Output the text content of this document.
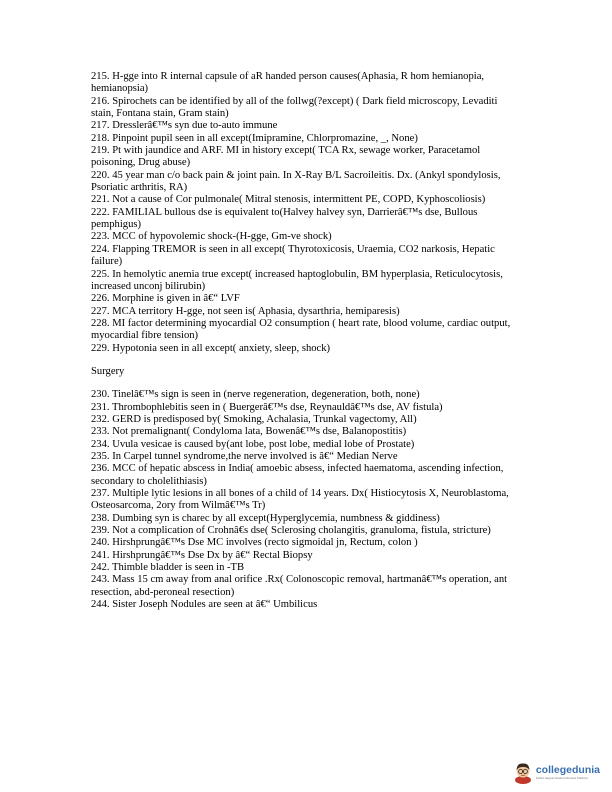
215. H-gge into R internal capsule of aR handed person causes(Aphasia, R hom hemianopia, hemianopsia)

216. Spirochets can be identified by all of the follwg(?except) ( Dark field microscopy, Levaditi stain, Fontana stain, Gram stain)

217. Dresslerâ€™s syn due to-auto immune

218. Pinpoint pupil seen in all except(Imipramine, Chlorpromazine, _, None)

219. Pt with jaundice and ARF. MI in history except( TCA Rx, sewage worker, Paracetamol poisoning, Drug abuse)

220. 45 year man c/o back pain & joint pain. In X-Ray B/L Sacroileitis. Dx. (Ankyl spondylosis, Psoriatic arthritis, RA)

221. Not a cause of Cor pulmonale( Mitral stenosis, intermittent PE, COPD, Kyphoscoliosis)

222. FAMILIAL bullous dse is equivalent to(Halvey halvey syn, Darrierâ€™s dse, Bullous pemphigus)

223. MCC of hypovolemic shock-(H-gge, Gm-ve shock)

224. Flapping TREMOR is seen in all except( Thyrotoxicosis, Uraemia, CO2 narkosis, Hepatic failure)

225. In hemolytic anemia true except( increased haptoglobulin, BM hyperplasia, Reticulocytosis, increased unconj bilirubin)

226. Morphine is given in â€“ LVF

227. MCA territory H-gge, not seen is( Aphasia, dysarthria, hemiparesis)

228. MI factor determining myocardial O2 consumption ( heart rate, blood volume, cardiac output, myocardial fibre tension)

229. Hypotonia seen in all except( anxiety, sleep, shock)

Surgery

230. Tinelâ€™s sign is seen in (nerve regeneration, degeneration, both, none)

231. Thrombophlebitis seen in ( Buergerâ€™s dse, Reynauldâ€™s dse, AV fistula)

232. GERD is predisposed by( Smoking, Achalasia, Trunkal vagectomy, All)

233. Not premalignant( Condyloma lata, Bowenâ€™s dse, Balanopostitis)

234. Uvula vesicae is caused by(ant lobe, post lobe, medial lobe of Prostate)

235. In Carpel tunnel syndrome,the nerve involved is â€“ Median Nerve

236. MCC of hepatic abscess in India( amoebic absess, infected haematoma, ascending infection, secondary to cholelithiasis)

237. Multiple lytic lesions in all bones of a child of 14 years. Dx( Histiocytosis X, Neuroblastoma, Osteosarcoma, 2ory from Wilmâ€™s Tr)

238. Dumbing syn is charec by all except(Hyperglycemia, numbness & giddiness)

239. Not a complication of Crohnâ€s dse( Sclerosing cholangitis, granuloma, fistula, stricture)

240. Hirshprungâ€™s Dse MC involves (recto sigmoidal jn, Rectum, colon )

241. Hirshprungâ€™s Dse Dx by â€“ Rectal Biopsy

242. Thimble bladder is seen in -TB

243. Mass 15 cm away from anal orifice .Rx( Colonoscopic removal, hartmanâ€™s operation, ant resection, abd-peroneal resection)

244. Sister Joseph Nodules are seen at â€“ Umbilicus

collegedunia
India's largest Student Review Platform
